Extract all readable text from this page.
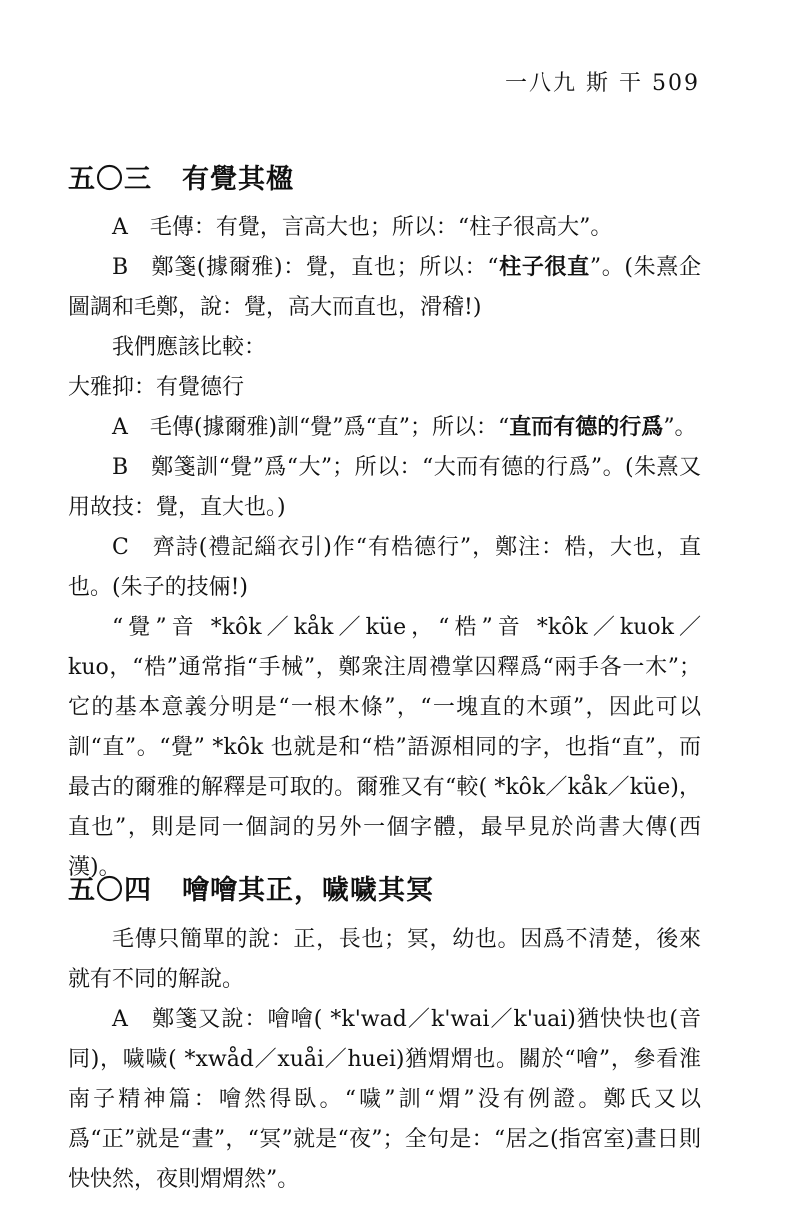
一八九 斯 干 509
五〇三 有覺其楹

A　毛傳：有覺，言高大也；所以：“柱子很高大”。

B　鄭箋(據爾雅)：覺，直也；所以：“柱子很直”。(朱熹企圖調和毛鄭，說：覺，高大而直也，滑稽!)

我們應該比較：

大雅抑：有覺德行

A　毛傳(據爾雅)訓“覺”爲“直”；所以：“直而有德的行爲”。

B　鄭箋訓“覺”爲“大”；所以：“大而有德的行爲”。(朱熹又用故技：覺，直大也。)

C　齊詩(禮記緇衣引)作“有梏德行”，鄭注：梏，大也，直也。(朱子的技倆!)

“覺”音 *kôk／kåk／küe，“梏”音 *kôk／kuok／kuo，“梏”通常指“手械”，鄭衆注周禮掌囚釋爲“兩手各一木”；它的基本意義分明是“一根木條”，“一塊直的木頭”，因此可以訓“直”。“覺” *kôk 也就是和“梏”語源相同的字，也指“直”，而最古的爾雅的解釋是可取的。爾雅又有“較( *kôk／kåk／küe)，直也”，則是同一個詞的另外一個字體，最早見於尚書大傳(西漢)。

五〇四 噲噲其正，噦噦其冥

毛傳只簡單的說：正，長也；冥，幼也。因爲不清楚，後來就有不同的解說。

A　鄭箋又說：噲噲( *k'wad／k'wai／k'uai)猶快快也(音同)，噦噦( *xwåd／xuåi／huei)猶煟煟也。關於“噲”，參看淮南子精神篇：噲然得臥。“噦”訓“煟”没有例證。鄭氏又以爲“正”就是“晝”，“冥”就是“夜”；全句是：“居之(指宮室)晝日則快快然，夜則煟煟然”。
